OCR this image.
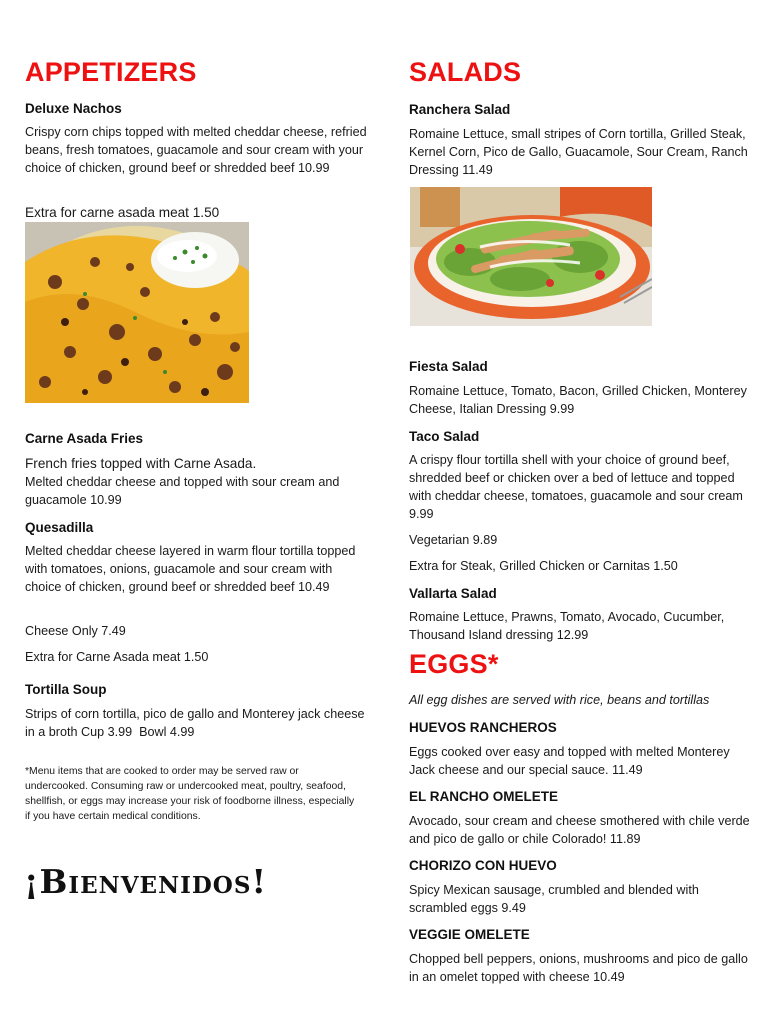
APPETIZERS
Deluxe Nachos
Crispy corn chips topped with melted cheddar cheese, refried beans, fresh tomatoes, guacamole and sour cream with your choice of chicken, ground beef or shredded beef 10.99
Extra for carne asada meat 1.50
Carne Asada Fries
French fries topped with Carne Asada.
Melted cheddar cheese and topped with sour cream and guacamole 10.99
Quesadilla
Melted cheddar cheese layered in warm flour tortilla topped with tomatoes, onions, guacamole and sour cream with choice of chicken, ground beef or shredded beef 10.49
Cheese Only 7.49
Extra for Carne Asada meat 1.50
Tortilla Soup
Strips of corn tortilla, pico de gallo and Monterey jack cheese in a broth Cup 3.99  Bowl 4.99
*Menu items that are cooked to order may be served raw or undercooked. Consuming raw or undercooked meat, poultry, seafood, shellfish, or eggs may increase your risk of foodborne illness, especially if you have certain medical conditions.
¡Bienvenidos!
SALADS
Ranchera Salad
Romaine Lettuce, small stripes of Corn tortilla, Grilled Steak, Kernel Corn, Pico de Gallo, Guacamole, Sour Cream, Ranch Dressing 11.49
Fiesta Salad
Romaine Lettuce, Tomato, Bacon, Grilled Chicken, Monterey Cheese, Italian Dressing 9.99
Taco Salad
A crispy flour tortilla shell with your choice of ground beef, shredded beef or chicken over a bed of lettuce and topped with cheddar cheese, tomatoes, guacamole and sour cream 9.99
Vegetarian 9.89
Extra for Steak, Grilled Chicken or Carnitas 1.50
Vallarta Salad
Romaine Lettuce, Prawns, Tomato, Avocado, Cucumber, Thousand Island dressing 12.99
EGGS*
All egg dishes are served with rice, beans and tortillas
HUEVOS RANCHEROS
Eggs cooked over easy and topped with melted Monterey Jack cheese and our special sauce. 11.49
EL RANCHO OMELETE
Avocado, sour cream and cheese smothered with chile verde and pico de gallo or chile Colorado! 11.89
CHORIZO CON HUEVO
Spicy Mexican sausage, crumbled and blended with scrambled eggs 9.49
VEGGIE OMELETE
Chopped bell peppers, onions, mushrooms and pico de gallo in an omelet topped with cheese 10.49
